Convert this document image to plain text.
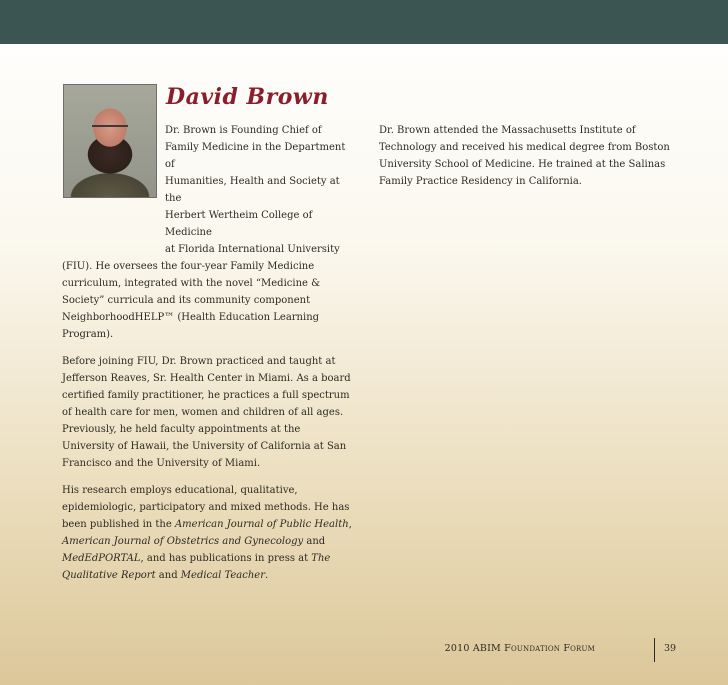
David Brown

Dr. Brown is Founding Chief of
Family Medicine in the Department of
Humanities, Health and Society at the
Herbert Wertheim College of Medicine
at Florida International University
(FIU). He oversees the four-year Family Medicine curriculum, integrated with the novel “Medicine & Society” curricula and its community component NeighborhoodHELP™ (Health Education Learning Program).

Before joining FIU, Dr. Brown practiced and taught at Jefferson Reaves, Sr. Health Center in Miami. As a board certified family practitioner, he practices a full spectrum of health care for men, women and children of all ages. Previously, he held faculty appointments at the University of Hawaii, the University of California at San Francisco and the University of Miami.

His research employs educational, qualitative, epidemiologic, participatory and mixed methods. He has been published in the American Journal of Public Health, American Journal of Obstetrics and Gynecology and MedEdPORTAL, and has publications in press at The Qualitative Report and Medical Teacher.

Dr. Brown attended the Massachusetts Institute of Technology and received his medical degree from Boston University School of Medicine. He trained at the Salinas Family Practice Residency in California.

2010 ABIM Foundation Forum	39
